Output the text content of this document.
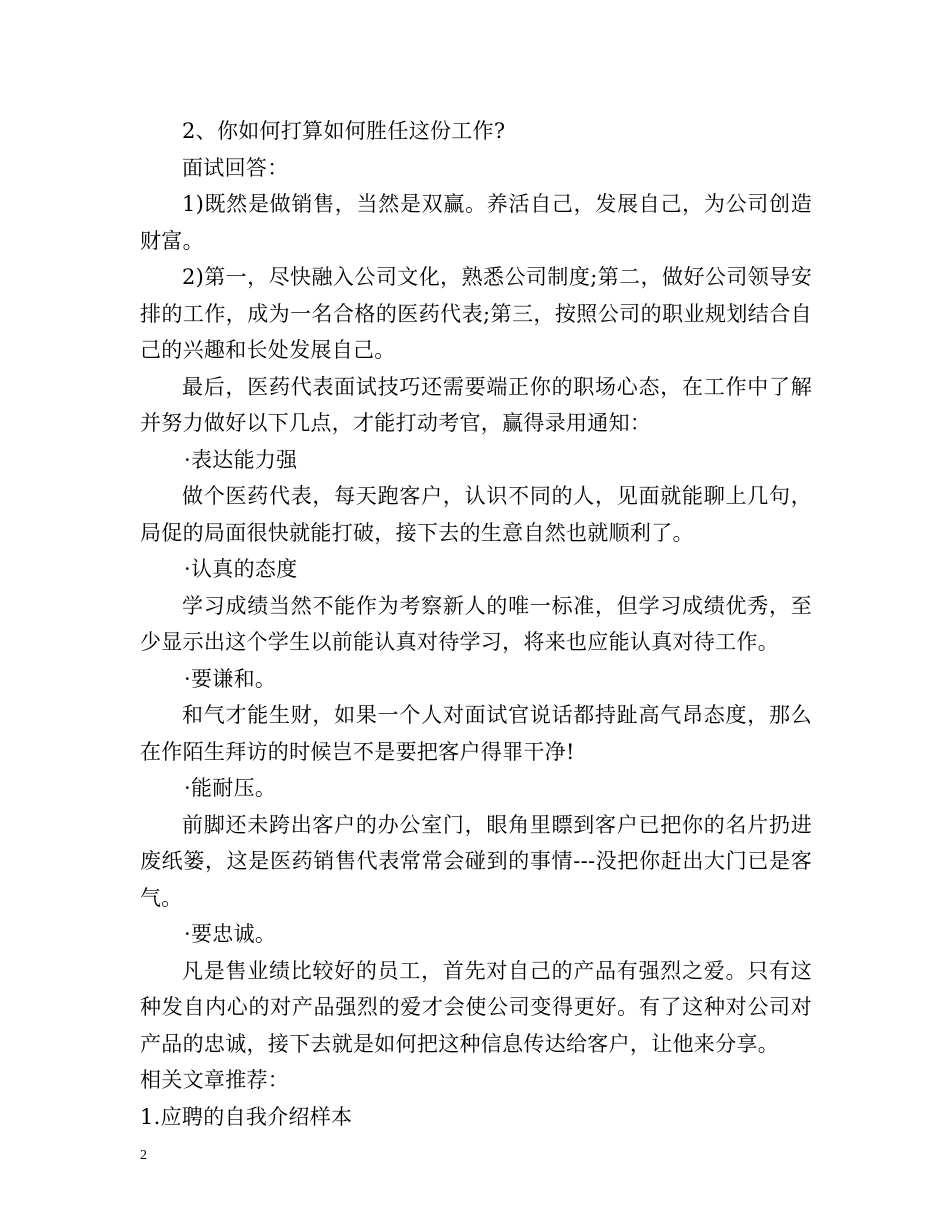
2、你如何打算如何胜任这份工作?

面试回答：

1)既然是做销售，当然是双赢。养活自己，发展自己，为公司创造财富。

2)第一，尽快融入公司文化，熟悉公司制度;第二，做好公司领导安排的工作，成为一名合格的医药代表;第三，按照公司的职业规划结合自己的兴趣和长处发展自己。

最后，医药代表面试技巧还需要端正你的职场心态，在工作中了解并努力做好以下几点，才能打动考官，赢得录用通知：

·表达能力强

做个医药代表，每天跑客户，认识不同的人，见面就能聊上几句，局促的局面很快就能打破，接下去的生意自然也就顺利了。

·认真的态度

学习成绩当然不能作为考察新人的唯一标准，但学习成绩优秀，至少显示出这个学生以前能认真对待学习，将来也应能认真对待工作。

·要谦和。

和气才能生财，如果一个人对面试官说话都持趾高气昂态度，那么在作陌生拜访的时候岂不是要把客户得罪干净!

·能耐压。

前脚还未跨出客户的办公室门，眼角里瞟到客户已把你的名片扔进废纸篓，这是医药销售代表常常会碰到的事情---没把你赶出大门已是客气。

·要忠诚。

凡是售业绩比较好的员工，首先对自己的产品有强烈之爱。只有这种发自内心的对产品强烈的爱才会使公司变得更好。有了这种对公司对产品的忠诚，接下去就是如何把这种信息传达给客户，让他来分享。

相关文章推荐：

1.应聘的自我介绍样本

2
